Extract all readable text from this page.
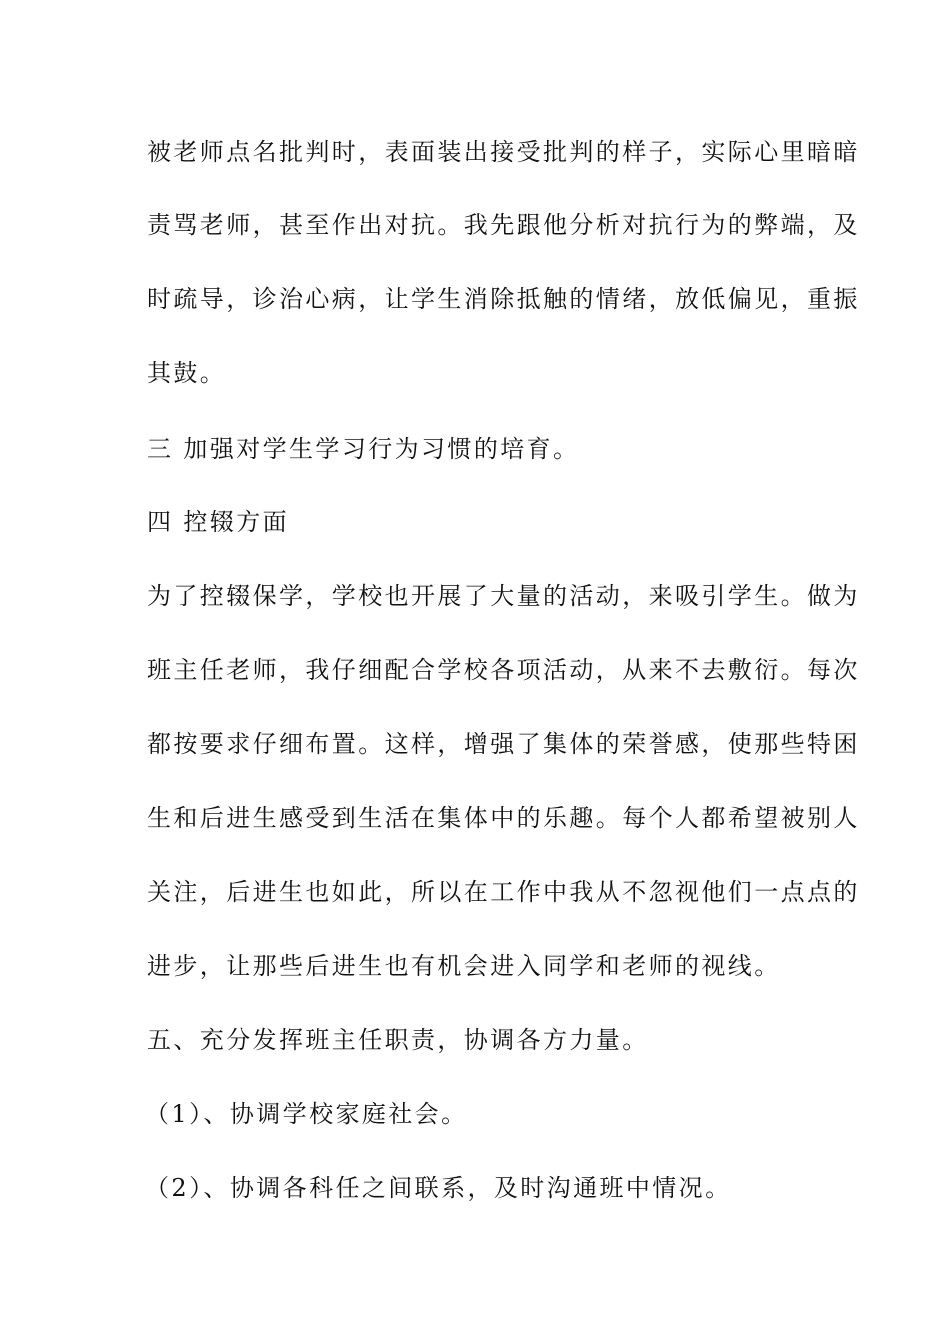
被老师点名批判时，表面装出接受批判的样子，实际心里暗暗
责骂老师，甚至作出对抗。我先跟他分析对抗行为的弊端，及
时疏导，诊治心病，让学生消除抵触的情绪，放低偏见，重振
其鼓。
三 加强对学生学习行为习惯的培育。
四 控辍方面
为了控辍保学，学校也开展了大量的活动，来吸引学生。做为
班主任老师，我仔细配合学校各项活动，从来不去敷衍。每次
都按要求仔细布置。这样，增强了集体的荣誉感，使那些特困
生和后进生感受到生活在集体中的乐趣。每个人都希望被别人
关注，后进生也如此，所以在工作中我从不忽视他们一点点的
进步，让那些后进生也有机会进入同学和老师的视线。
五、充分发挥班主任职责，协调各方力量。
（1）、协调学校家庭社会。
（2）、协调各科任之间联系，及时沟通班中情况。
